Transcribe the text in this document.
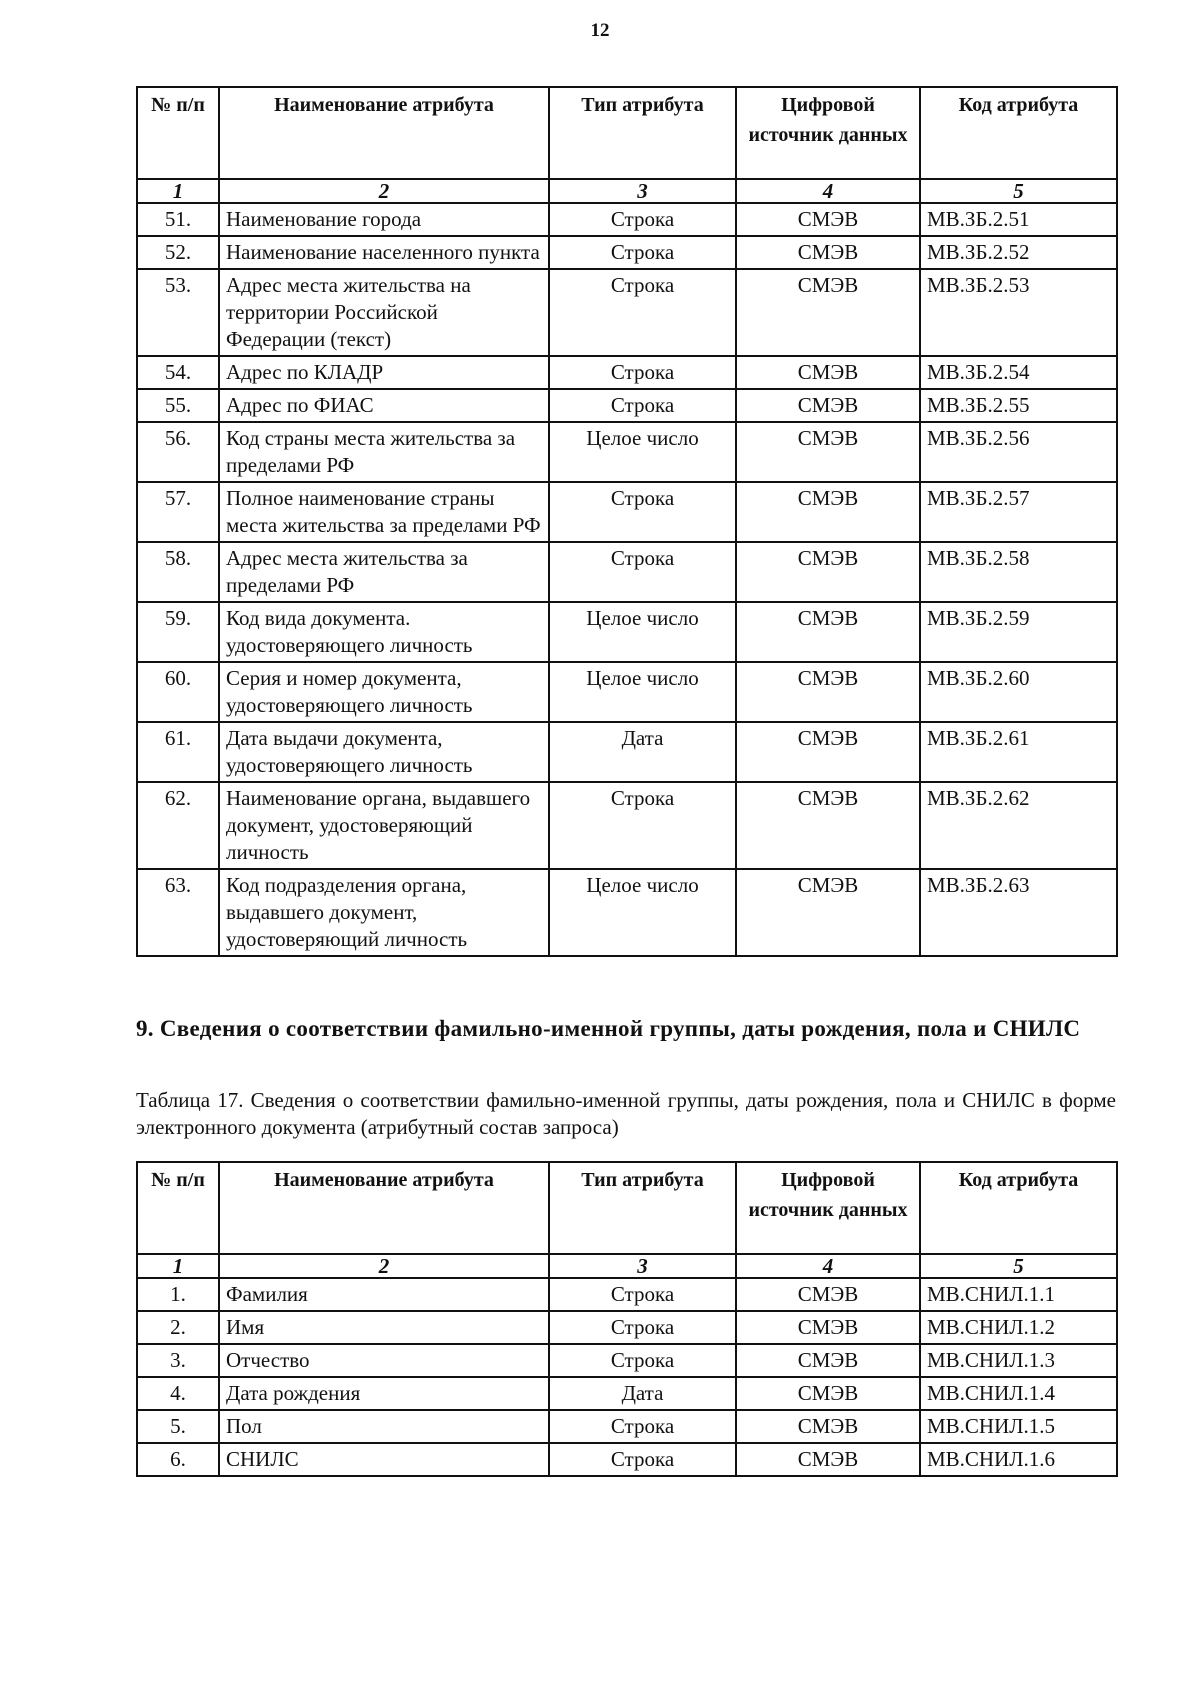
12
№ п/п	Наименование атрибута	Тип атрибута	Цифровой источник данных	Код атрибута
1	2	3	4	5
51.	Наименование города	Строка	СМЭВ	МВ.ЗБ.2.51
52.	Наименование населенного пункта	Строка	СМЭВ	МВ.ЗБ.2.52
53.	Адрес места жительства на территории Российской Федерации (текст)	Строка	СМЭВ	МВ.ЗБ.2.53
54.	Адрес по КЛАДР	Строка	СМЭВ	МВ.ЗБ.2.54
55.	Адрес по ФИАС	Строка	СМЭВ	МВ.ЗБ.2.55
56.	Код страны места жительства за пределами РФ	Целое число	СМЭВ	МВ.ЗБ.2.56
57.	Полное наименование страны места жительства за пределами РФ	Строка	СМЭВ	МВ.ЗБ.2.57
58.	Адрес места жительства за пределами РФ	Строка	СМЭВ	МВ.ЗБ.2.58
59.	Код вида документа. удостоверяющего личность	Целое число	СМЭВ	МВ.ЗБ.2.59
60.	Серия и номер документа, удостоверяющего личность	Целое число	СМЭВ	МВ.ЗБ.2.60
61.	Дата выдачи документа, удостоверяющего личность	Дата	СМЭВ	МВ.ЗБ.2.61
62.	Наименование органа, выдавшего документ, удостоверяющий личность	Строка	СМЭВ	МВ.ЗБ.2.62
63.	Код подразделения органа, выдавшего документ, удостоверяющий личность	Целое число	СМЭВ	МВ.ЗБ.2.63
9. Сведения о соответствии фамильно-именной группы, даты рождения, пола и СНИЛС
Таблица 17. Сведения о соответствии фамильно-именной группы, даты рождения, пола и СНИЛС в форме электронного документа (атрибутный состав запроса)
№ п/п	Наименование атрибута	Тип атрибута	Цифровой источник данных	Код атрибута
1	2	3	4	5
1.	Фамилия	Строка	СМЭВ	МВ.СНИЛ.1.1
2.	Имя	Строка	СМЭВ	МВ.СНИЛ.1.2
3.	Отчество	Строка	СМЭВ	МВ.СНИЛ.1.3
4.	Дата рождения	Дата	СМЭВ	МВ.СНИЛ.1.4
5.	Пол	Строка	СМЭВ	МВ.СНИЛ.1.5
6.	СНИЛС	Строка	СМЭВ	МВ.СНИЛ.1.6
